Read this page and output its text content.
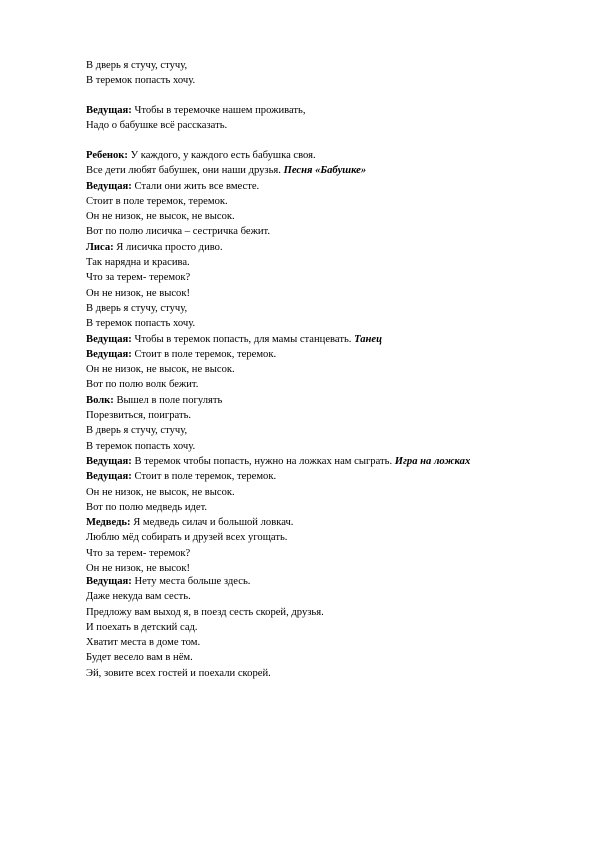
В дверь я стучу, стучу,
В теремок попасть хочу.
Ведущая: Чтобы в теремочке нашем проживать,
Надо о бабушке всё рассказать.
Ребенок: У каждого, у каждого есть бабушка своя.
Все дети любят бабушек, они наши друзья. Песня «Бабушке»
Ведущая: Стали они жить все вместе.
Стоит в поле теремок, теремок.
Он не низок, не высок, не высок.
Вот по полю лисичка – сестричка бежит.
Лиса: Я лисичка просто диво.
Так нарядна и красива.
Что за терем- теремок?
Он не низок, не высок!
В дверь я стучу, стучу,
В теремок попасть хочу.
Ведущая: Чтобы в теремок попасть, для мамы станцевать. Танец
Ведущая: Стоит в поле теремок, теремок.
Он не низок, не высок, не высок.
Вот по полю волк бежит.
Волк: Вышел в поле погулять
Порезвиться, поиграть.
В дверь я стучу, стучу,
В теремок попасть хочу.
Ведущая: В теремок чтобы попасть, нужно на ложках нам сыграть. Игра на ложках
Ведущая: Стоит в поле теремок, теремок.
Он не низок, не высок, не высок.
Вот по полю медведь идет.
Медведь: Я медведь силач и большой ловкач.
Люблю мёд собирать и друзей всех угощать.
Что за терем- теремок?
Он не низок, не высок!
Ведущая: Нету места больше здесь.
Даже некуда вам сесть.
Предложу вам выход я, в поезд сесть скорей, друзья.
И поехать в детский сад.
Хватит места в доме том.
Будет весело вам в нём.
Эй, зовите всех гостей и поехали скорей.
